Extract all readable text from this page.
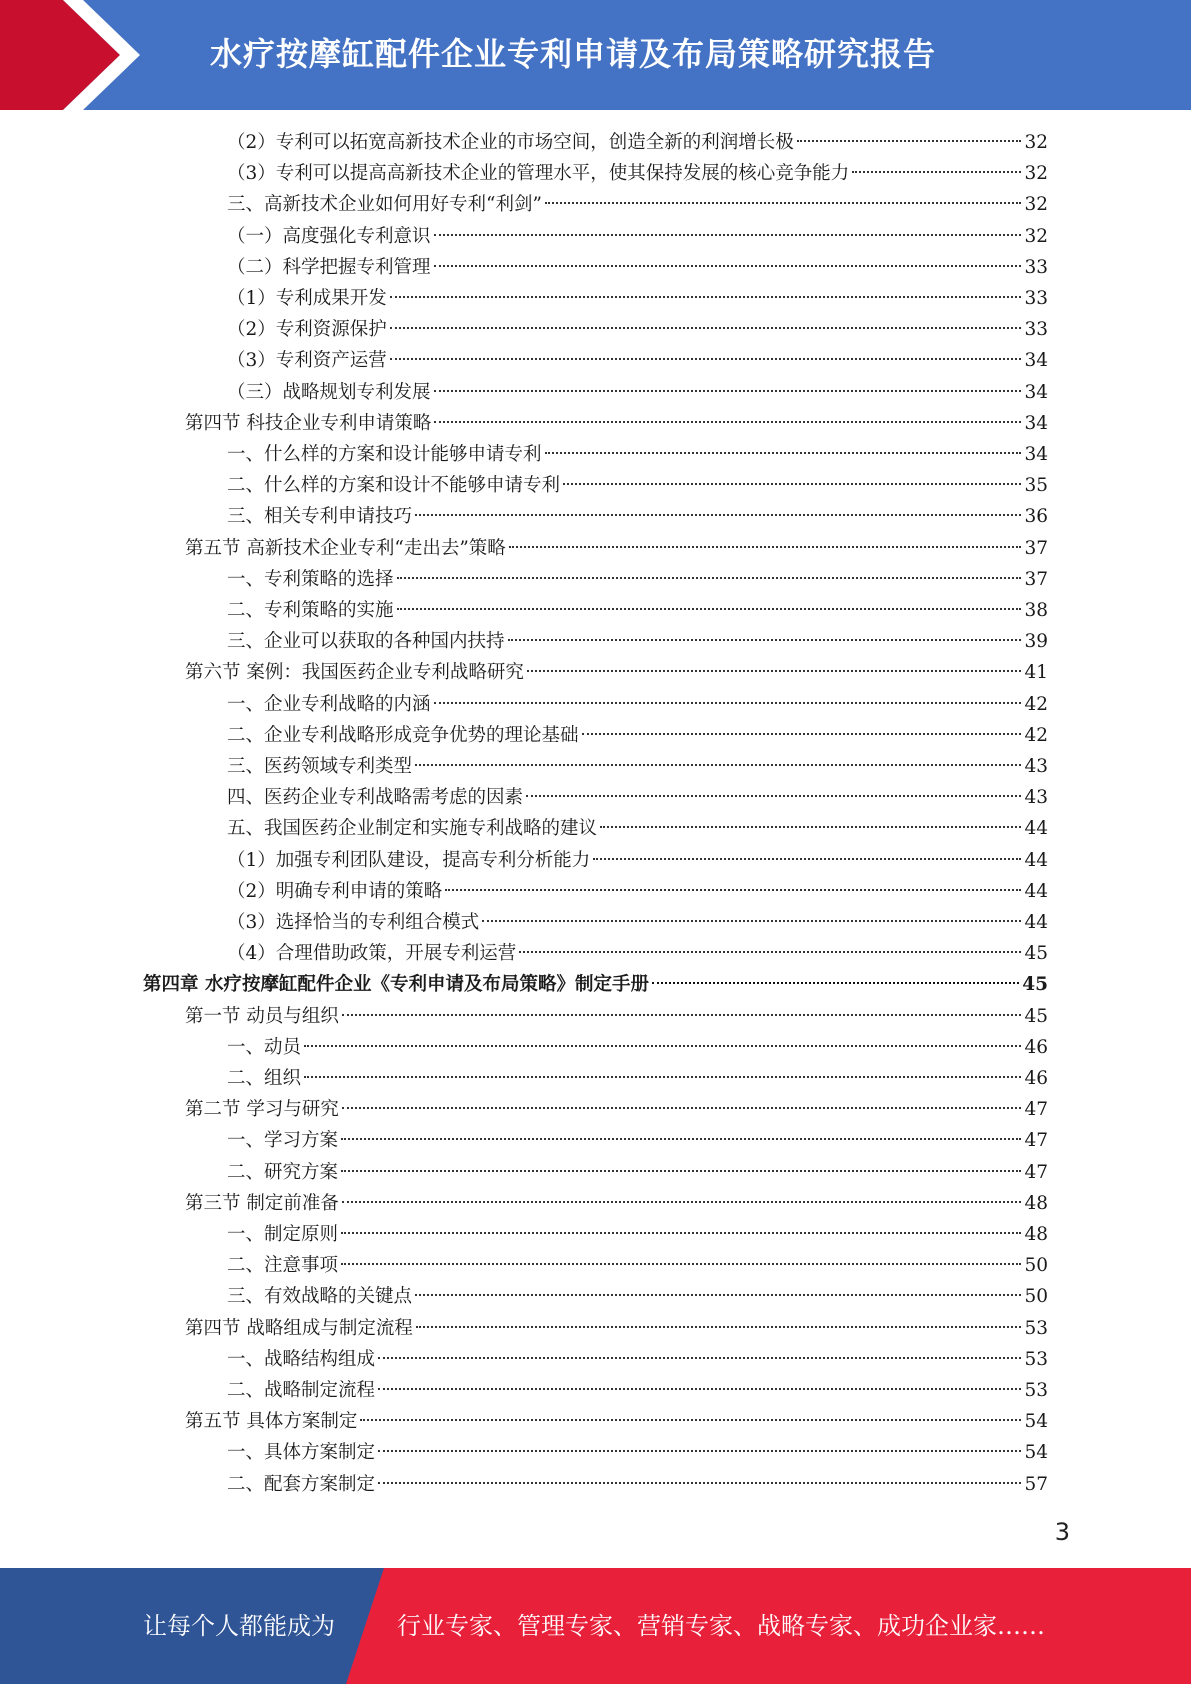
水疗按摩缸配件企业专利申请及布局策略研究报告
（2）专利可以拓宽高新技术企业的市场空间，创造全新的利润增长极	32
（3）专利可以提高高新技术企业的管理水平，使其保持发展的核心竞争能力	32
三、高新技术企业如何用好专利“利剑”	32
（一）高度强化专利意识	32
（二）科学把握专利管理	33
（1）专利成果开发	33
（2）专利资源保护	33
（3）专利资产运营	34
（三）战略规划专利发展	34
第四节 科技企业专利申请策略	34
一、什么样的方案和设计能够申请专利	34
二、什么样的方案和设计不能够申请专利	35
三、相关专利申请技巧	36
第五节 高新技术企业专利“走出去”策略	37
一、专利策略的选择	37
二、专利策略的实施	38
三、企业可以获取的各种国内扶持	39
第六节 案例：我国医药企业专利战略研究	41
一、企业专利战略的内涵	42
二、企业专利战略形成竞争优势的理论基础	42
三、医药领域专利类型	43
四、医药企业专利战略需考虑的因素	43
五、我国医药企业制定和实施专利战略的建议	44
（1）加强专利团队建设，提高专利分析能力	44
（2）明确专利申请的策略	44
（3）选择恰当的专利组合模式	44
（4）合理借助政策，开展专利运营	45
第四章 水疗按摩缸配件企业《专利申请及布局策略》制定手册	45
第一节 动员与组织	45
一、动员	46
二、组织	46
第二节 学习与研究	47
一、学习方案	47
二、研究方案	47
第三节 制定前准备	48
一、制定原则	48
二、注意事项	50
三、有效战略的关键点	50
第四节 战略组成与制定流程	53
一、战略结构组成	53
二、战略制定流程	53
第五节 具体方案制定	54
一、具体方案制定	54
二、配套方案制定	57
3
让每个人都能成为	行业专家、管理专家、营销专家、战略专家、成功企业家……
